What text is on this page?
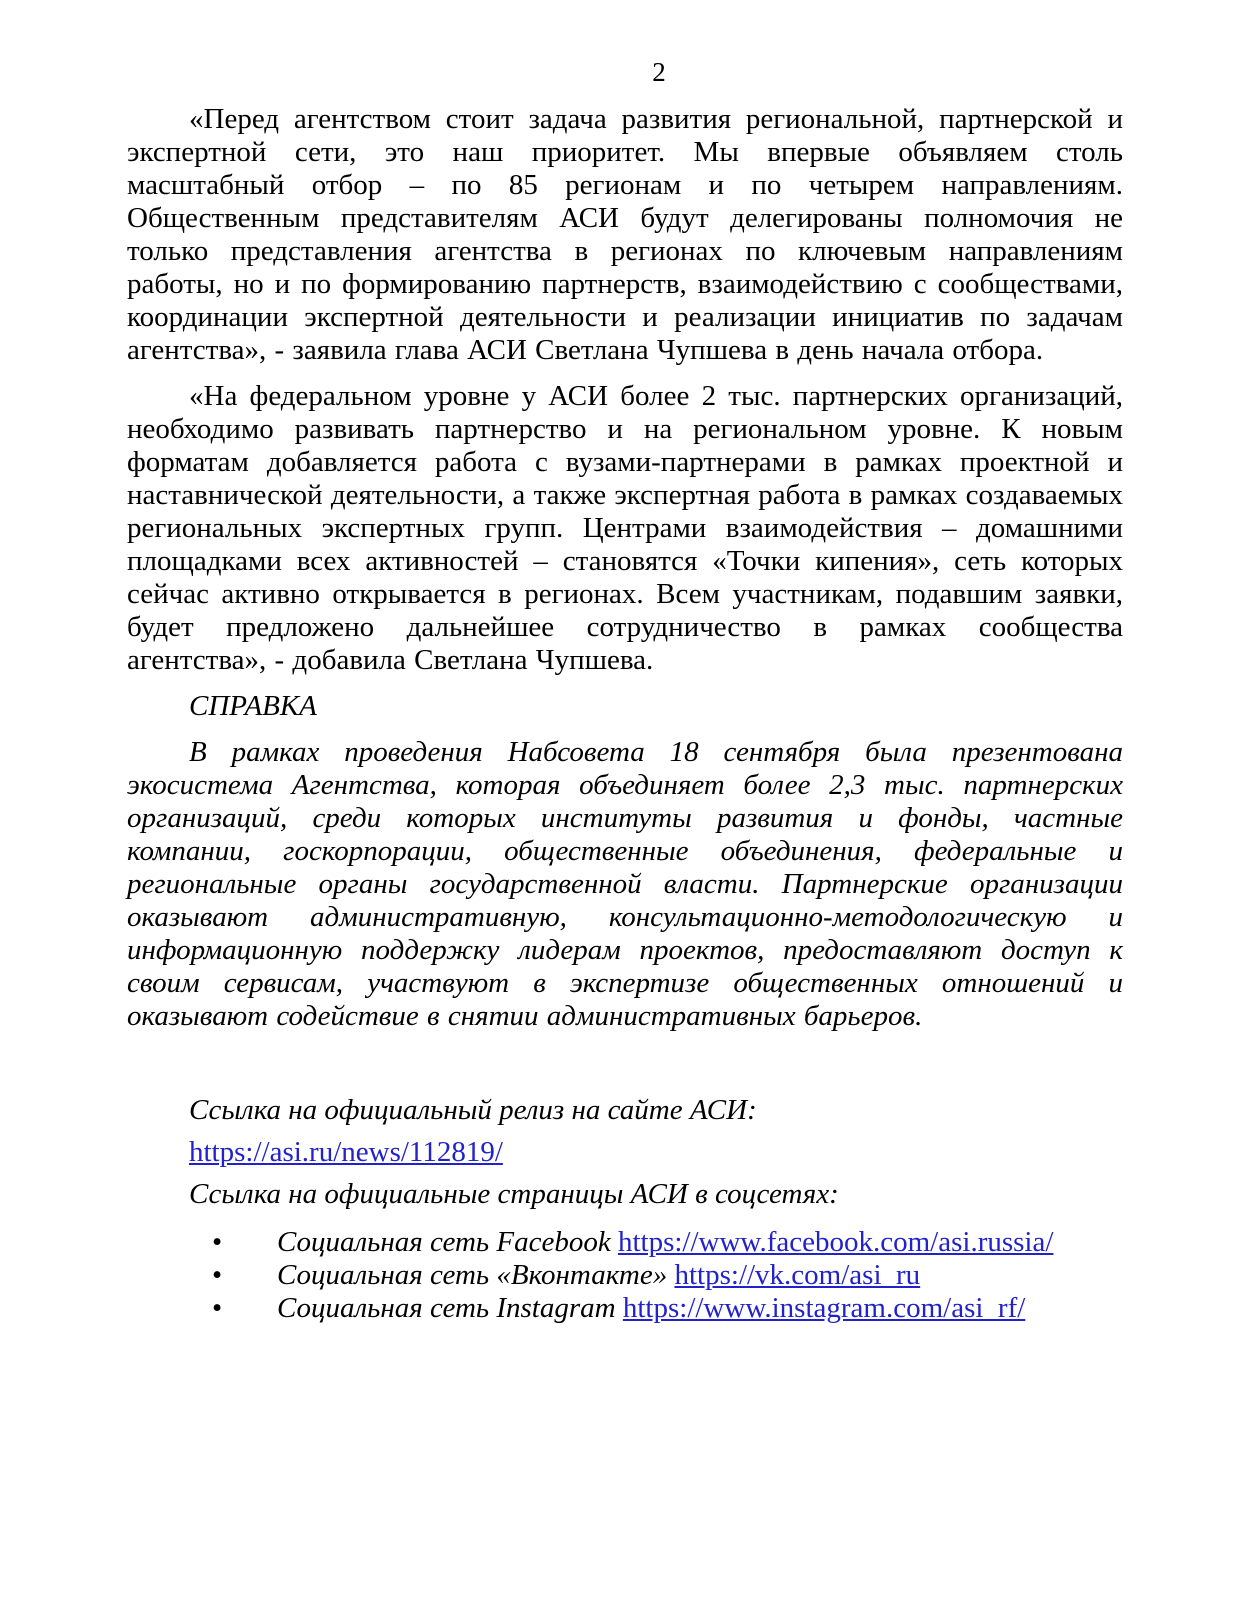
2

«Перед агентством стоит задача развития региональной, партнерской и экспертной сети, это наш приоритет. Мы впервые объявляем столь масштабный отбор – по 85 регионам и по четырем направлениям. Общественным представителям АСИ будут делегированы полномочия не только представления агентства в регионах по ключевым направлениям работы, но и по формированию партнерств, взаимодействию с сообществами, координации экспертной деятельности и реализации инициатив по задачам агентства», - заявила глава АСИ Светлана Чупшева в день начала отбора.

«На федеральном уровне у АСИ более 2 тыс. партнерских организаций, необходимо развивать партнерство и на региональном уровне. К новым форматам добавляется работа с вузами-партнерами в рамках проектной и наставнической деятельности, а также экспертная работа в рамках создаваемых региональных экспертных групп. Центрами взаимодействия – домашними площадками всех активностей – становятся «Точки кипения», сеть которых сейчас активно открывается в регионах. Всем участникам, подавшим заявки, будет предложено дальнейшее сотрудничество в рамках сообщества агентства», - добавила Светлана Чупшева.

СПРАВКА

В рамках проведения Набсовета 18 сентября была презентована экосистема Агентства, которая объединяет более 2,3 тыс. партнерских организаций, среди которых институты развития и фонды, частные компании, госкорпорации, общественные объединения, федеральные и региональные органы государственной власти. Партнерские организации оказывают административную, консультационно-методологическую и информационную поддержку лидерам проектов, предоставляют доступ к своим сервисам, участвуют в экспертизе общественных отношений и оказывают содействие в снятии административных барьеров.

Ссылка на официальный релиз на сайте АСИ:
https://asi.ru/news/112819/
Ссылка на официальные страницы АСИ в соцсетях:
• Социальная сеть Facebook https://www.facebook.com/asi.russia/
• Социальная сеть «Вконтакте» https://vk.com/asi_ru
• Социальная сеть Instagram https://www.instagram.com/asi_rf/
